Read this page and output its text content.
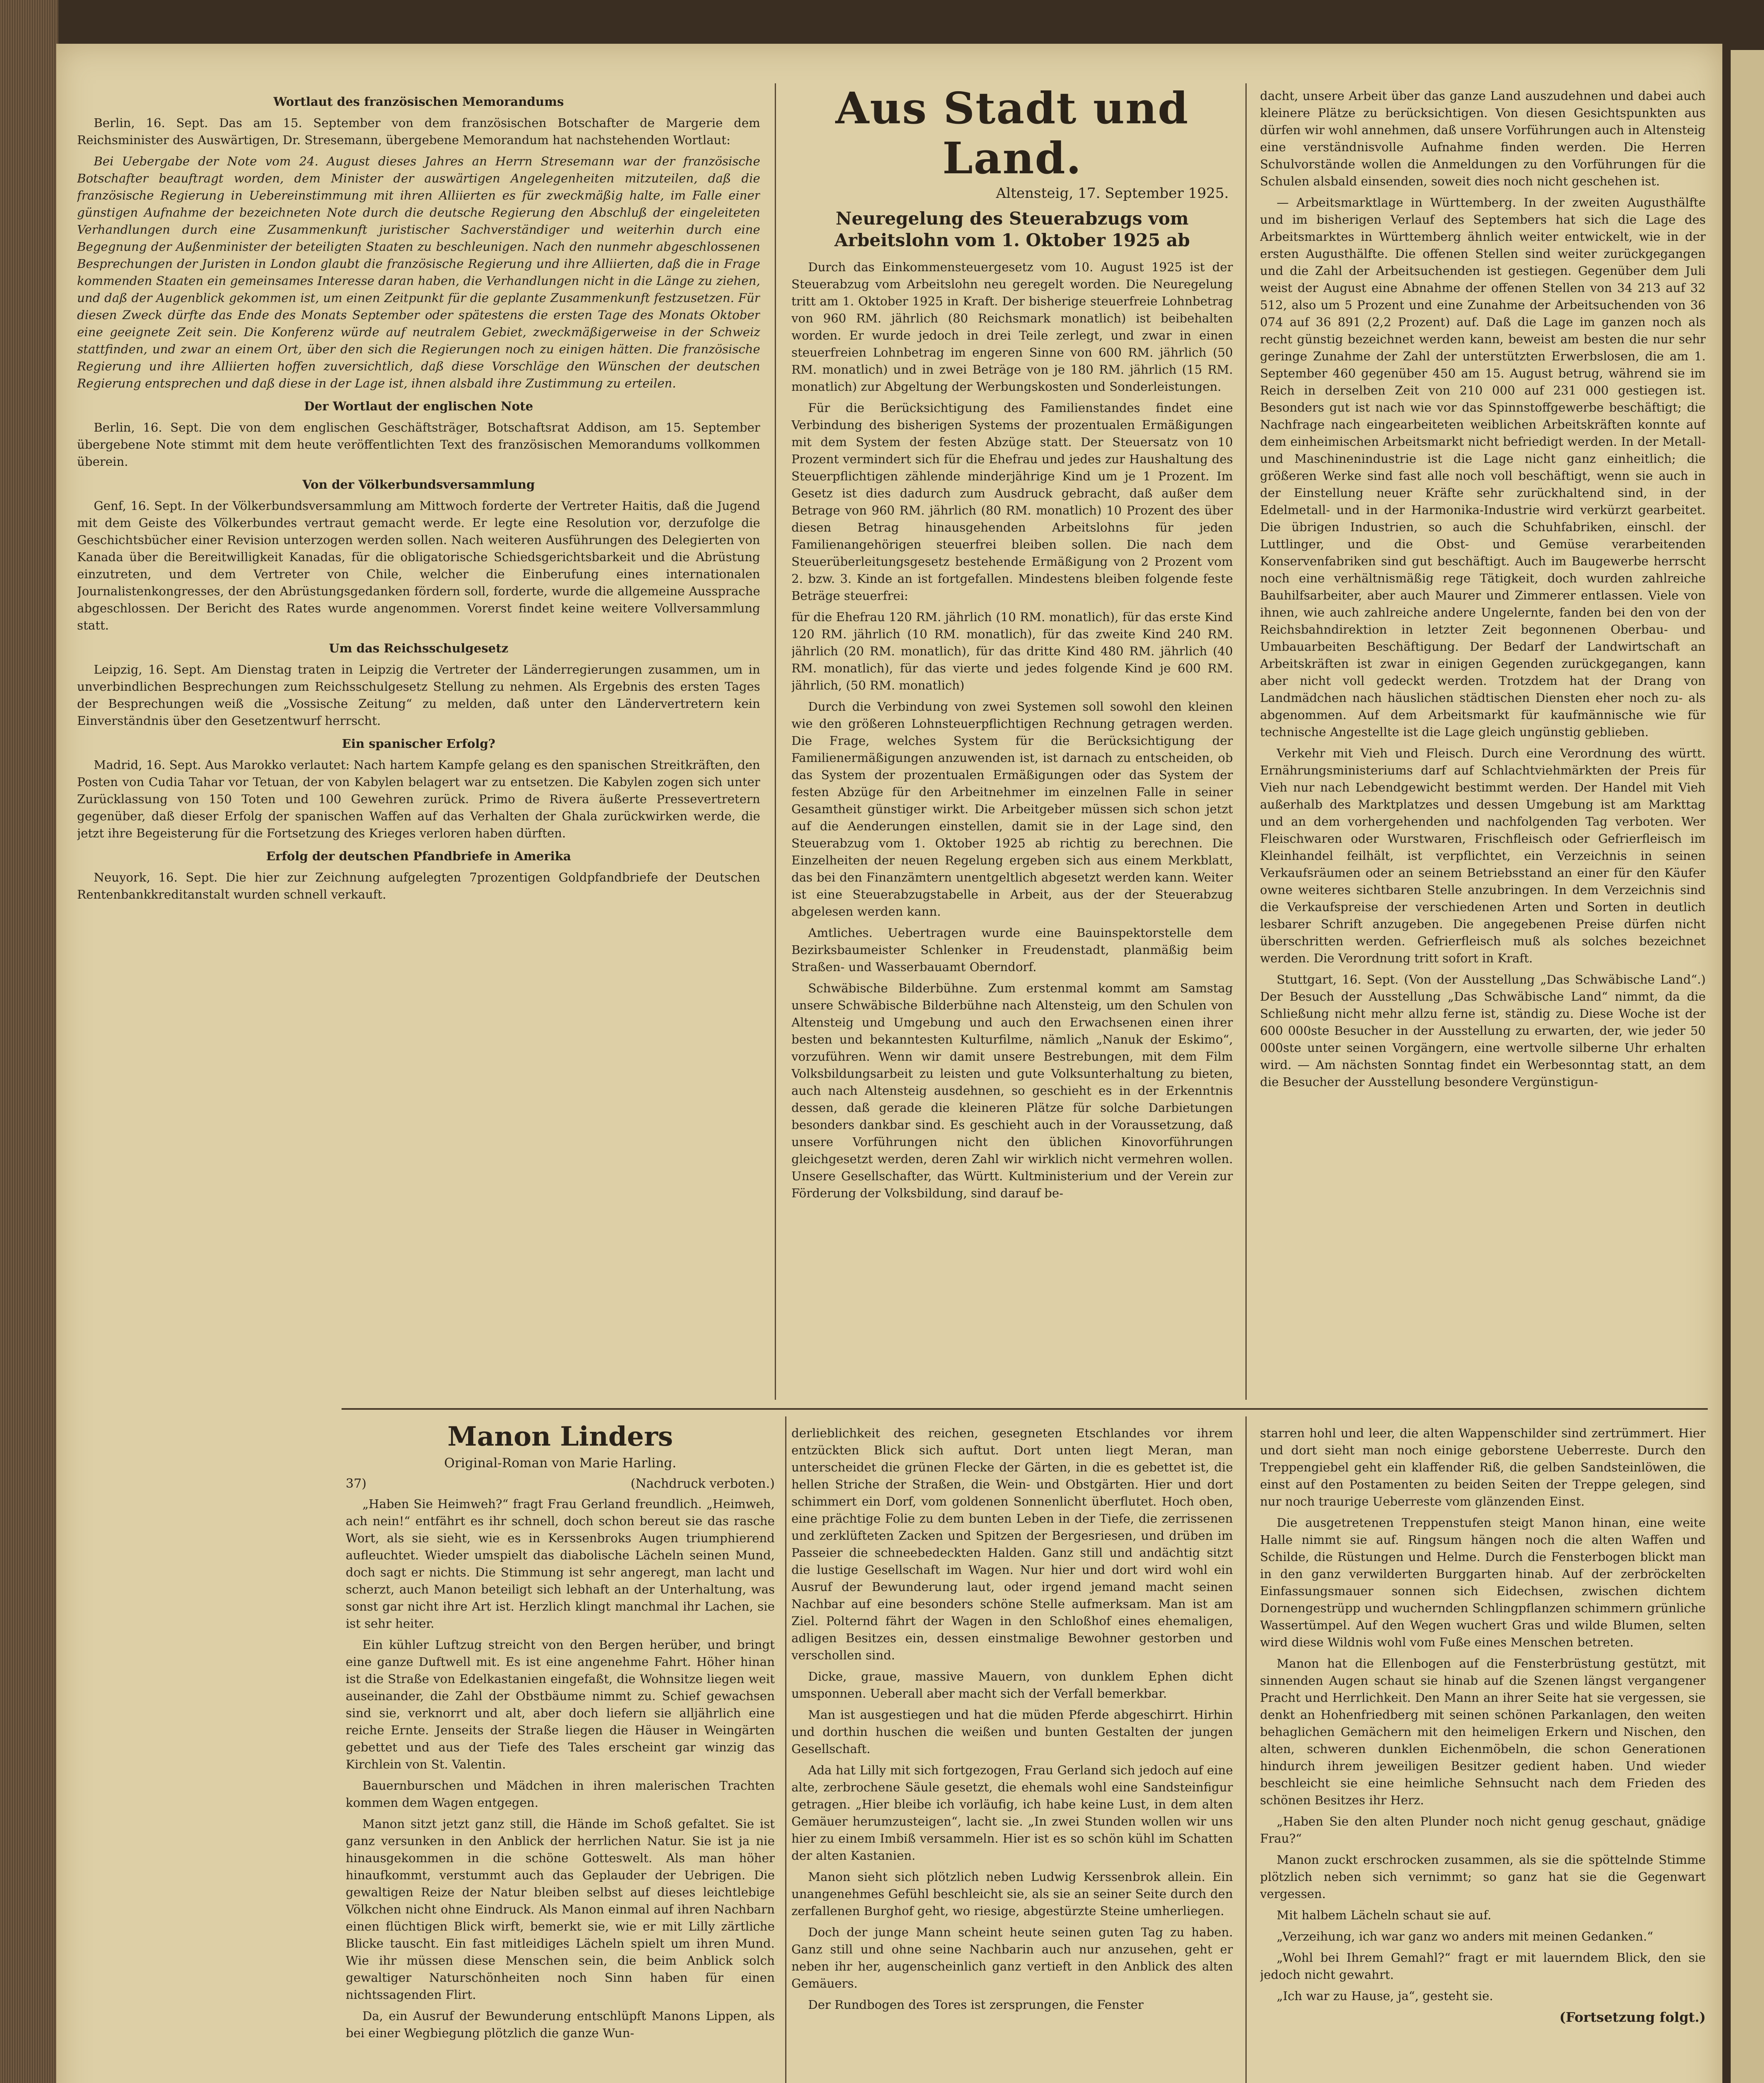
Wortlaut des französischen Memorandums

Berlin, 16. Sept. Das am 15. September von dem französischen Botschafter de Margerie dem Reichsminister des Auswärtigen, Dr. Stresemann, übergebene Memorandum hat nachstehenden Wortlaut:

Bei Uebergabe der Note vom 24. August dieses Jahres an Herrn Stresemann war der französische Botschafter beauftragt worden, dem Minister der auswärtigen Angelegenheiten mitzuteilen, daß die französische Regierung in Uebereinstimmung mit ihren Alliierten es für zweckmäßig halte, im Falle einer günstigen Aufnahme der bezeichneten Note durch die deutsche Regierung den Abschluß der eingeleiteten Verhandlungen durch eine Zusammenkunft juristischer Sachverständiger und weiterhin durch eine Begegnung der Außenminister der beteiligten Staaten zu beschleunigen. Nach den nunmehr abgeschlossenen Besprechungen der Juristen in London glaubt die französische Regierung und ihre Alliierten, daß die in Frage kommenden Staaten ein gemeinsames Interesse daran haben, die Verhandlungen nicht in die Länge zu ziehen, und daß der Augenblick gekommen ist, um einen Zeitpunkt für die geplante Zusammenkunft festzusetzen. Für diesen Zweck dürfte das Ende des Monats September oder spätestens die ersten Tage des Monats Oktober eine geeignete Zeit sein. Die Konferenz würde auf neutralem Gebiet, zweckmäßigerweise in der Schweiz stattfinden, und zwar an einem Ort, über den sich die Regierungen noch zu einigen hätten. Die französische Regierung und ihre Alliierten hoffen zuversichtlich, daß diese Vorschläge den Wünschen der deutschen Regierung entsprechen und daß diese in der Lage ist, ihnen alsbald ihre Zustimmung zu erteilen.

Der Wortlaut der englischen Note

Berlin, 16. Sept. Die von dem englischen Geschäftsträger, Botschaftsrat Addison, am 15. September übergebene Note stimmt mit dem heute veröffentlichten Text des französischen Memorandums vollkommen überein.

Von der Völkerbundsversammlung

Genf, 16. Sept. In der Völkerbundsversammlung am Mittwoch forderte der Vertreter Haitis, daß die Jugend mit dem Geiste des Völkerbundes vertraut gemacht werde. Er legte eine Resolution vor, derzufolge die Geschichtsbücher einer Revision unterzogen werden sollen. Nach weiteren Ausführungen des Delegierten von Kanada über die Bereitwilligkeit Kanadas, für die obligatorische Schiedsgerichtsbarkeit und die Abrüstung einzutreten, und dem Vertreter von Chile, welcher die Einberufung eines internationalen Journalistenkongresses, der den Abrüstungsgedanken fördern soll, forderte, wurde die allgemeine Aussprache abgeschlossen. Der Bericht des Rates wurde angenommen. Vorerst findet keine weitere Vollversammlung statt.

Um das Reichsschulgesetz

Leipzig, 16. Sept. Am Dienstag traten in Leipzig die Vertreter der Länderregierungen zusammen, um in unverbindlichen Besprechungen zum Reichsschulgesetz Stellung zu nehmen. Als Ergebnis des ersten Tages der Besprechungen weiß die „Vossische Zeitung“ zu melden, daß unter den Ländervertretern kein Einverständnis über den Gesetzentwurf herrscht.

Ein spanischer Erfolg?

Madrid, 16. Sept. Aus Marokko verlautet: Nach hartem Kampfe gelang es den spanischen Streitkräften, den Posten von Cudia Tahar vor Tetuan, der von Kabylen belagert war zu entsetzen. Die Kabylen zogen sich unter Zurücklassung von 150 Toten und 100 Gewehren zurück. Primo de Rivera äußerte Pressevertretern gegenüber, daß dieser Erfolg der spanischen Waffen auf das Verhalten der Ghala zurückwirken werde, die jetzt ihre Begeisterung für die Fortsetzung des Krieges verloren haben dürften.

Erfolg der deutschen Pfandbriefe in Amerika

Neuyork, 16. Sept. Die hier zur Zeichnung aufgelegten 7prozentigen Goldpfandbriefe der Deutschen Rentenbankkreditanstalt wurden schnell verkauft.

Aus Stadt und Land.
Altensteig, 17. September 1925.
Neuregelung des Steuerabzugs vom Arbeitslohn vom 1. Oktober 1925 ab

Durch das Einkommensteuergesetz vom 10. August 1925 ist der Steuerabzug vom Arbeitslohn neu geregelt worden. Die Neuregelung tritt am 1. Oktober 1925 in Kraft. Der bisherige steuerfreie Lohnbetrag von 960 RM. jährlich (80 Reichsmark monatlich) ist beibehalten worden. Er wurde jedoch in drei Teile zerlegt, und zwar in einen steuerfreien Lohnbetrag im engeren Sinne von 600 RM. jährlich (50 RM. monatlich) und in zwei Beträge von je 180 RM. jährlich (15 RM. monatlich) zur Abgeltung der Werbungskosten und Sonderleistungen.

Für die Berücksichtigung des Familienstandes findet eine Verbindung des bisherigen Systems der prozentualen Ermäßigungen mit dem System der festen Abzüge statt. Der Steuersatz von 10 Prozent vermindert sich für die Ehefrau und jedes zur Haushaltung des Steuerpflichtigen zählende minderjährige Kind um je 1 Prozent. Im Gesetz ist dies dadurch zum Ausdruck gebracht, daß außer dem Betrage von 960 RM. jährlich (80 RM. monatlich) 10 Prozent des über diesen Betrag hinausgehenden Arbeitslohns für jeden Familienangehörigen steuerfrei bleiben sollen. Die nach dem Steuerüberleitungsgesetz bestehende Ermäßigung von 2 Prozent vom 2. bzw. 3. Kinde an ist fortgefallen. Mindestens bleiben folgende feste Beträge steuerfrei:

für die Ehefrau 120 RM. jährlich (10 RM. monatlich), für das erste Kind 120 RM. jährlich (10 RM. monatlich), für das zweite Kind 240 RM. jährlich (20 RM. monatlich), für das dritte Kind 480 RM. jährlich (40 RM. monatlich), für das vierte und jedes folgende Kind je 600 RM. jährlich, (50 RM. monatlich)

Durch die Verbindung von zwei Systemen soll sowohl den kleinen wie den größeren Lohnsteuerpflichtigen Rechnung getragen werden. Die Frage, welches System für die Berücksichtigung der Familienermäßigungen anzuwenden ist, ist darnach zu entscheiden, ob das System der prozentualen Ermäßigungen oder das System der festen Abzüge für den Arbeitnehmer im einzelnen Falle in seiner Gesamtheit günstiger wirkt. Die Arbeitgeber müssen sich schon jetzt auf die Aenderungen einstellen, damit sie in der Lage sind, den Steuerabzug vom 1. Oktober 1925 ab richtig zu berechnen. Die Einzelheiten der neuen Regelung ergeben sich aus einem Merkblatt, das bei den Finanzämtern unentgeltlich abgesetzt werden kann. Weiter ist eine Steuerabzugstabelle in Arbeit, aus der der Steuerabzug abgelesen werden kann.

Amtliches. Uebertragen wurde eine Bauinspektorstelle dem Bezirksbaumeister Schlenker in Freudenstadt, planmäßig beim Straßen- und Wasserbauamt Oberndorf.

Schwäbische Bilderbühne. Zum erstenmal kommt am Samstag unsere Schwäbische Bilderbühne nach Altensteig, um den Schulen von Altensteig und Umgebung und auch den Erwachsenen einen ihrer besten und bekanntesten Kulturfilme, nämlich „Nanuk der Eskimo“, vorzuführen. Wenn wir damit unsere Bestrebungen, mit dem Film Volksbildungsarbeit zu leisten und gute Volksunterhaltung zu bieten, auch nach Altensteig ausdehnen, so geschieht es in der Erkenntnis dessen, daß gerade die kleineren Plätze für solche Darbietungen besonders dankbar sind. Es geschieht auch in der Voraussetzung, daß unsere Vorführungen nicht den üblichen Kinovorführungen gleichgesetzt werden, deren Zahl wir wirklich nicht vermehren wollen. Unsere Gesellschafter, das Württ. Kultministerium und der Verein zur Förderung der Volksbildung, sind darauf be-

dacht, unsere Arbeit über das ganze Land auszudehnen und dabei auch kleinere Plätze zu berücksichtigen. Von diesen Gesichtspunkten aus dürfen wir wohl annehmen, daß unsere Vorführungen auch in Altensteig eine verständnisvolle Aufnahme finden werden. Die Herren Schulvorstände wollen die Anmeldungen zu den Vorführungen für die Schulen alsbald einsenden, soweit dies noch nicht geschehen ist.

— Arbeitsmarktlage in Württemberg. In der zweiten Augusthälfte und im bisherigen Verlauf des Septembers hat sich die Lage des Arbeitsmarktes in Württemberg ähnlich weiter entwickelt, wie in der ersten Augusthälfte. Die offenen Stellen sind weiter zurückgegangen und die Zahl der Arbeitsuchenden ist gestiegen. Gegenüber dem Juli weist der August eine Abnahme der offenen Stellen von 34 213 auf 32 512, also um 5 Prozent und eine Zunahme der Arbeitsuchenden von 36 074 auf 36 891 (2,2 Prozent) auf. Daß die Lage im ganzen noch als recht günstig bezeichnet werden kann, beweist am besten die nur sehr geringe Zunahme der Zahl der unterstützten Erwerbslosen, die am 1. September 460 gegenüber 450 am 15. August betrug, während sie im Reich in derselben Zeit von 210 000 auf 231 000 gestiegen ist. Besonders gut ist nach wie vor das Spinnstoffgewerbe beschäftigt; die Nachfrage nach eingearbeiteten weiblichen Arbeitskräften konnte auf dem einheimischen Arbeitsmarkt nicht befriedigt werden. In der Metall- und Maschinenindustrie ist die Lage nicht ganz einheitlich; die größeren Werke sind fast alle noch voll beschäftigt, wenn sie auch in der Einstellung neuer Kräfte sehr zurückhaltend sind, in der Edelmetall- und in der Harmonika-Industrie wird verkürzt gearbeitet. Die übrigen Industrien, so auch die Schuhfabriken, einschl. der Luttlinger, und die Obst- und Gemüse verarbeitenden Konservenfabriken sind gut beschäftigt. Auch im Baugewerbe herrscht noch eine verhältnismäßig rege Tätigkeit, doch wurden zahlreiche Bauhilfsarbeiter, aber auch Maurer und Zimmerer entlassen. Viele von ihnen, wie auch zahlreiche andere Ungelernte, fanden bei den von der Reichsbahndirektion in letzter Zeit begonnenen Oberbau- und Umbauarbeiten Beschäftigung. Der Bedarf der Landwirtschaft an Arbeitskräften ist zwar in einigen Gegenden zurückgegangen, kann aber nicht voll gedeckt werden. Trotzdem hat der Drang von Landmädchen nach häuslichen städtischen Diensten eher noch zu- als abgenommen. Auf dem Arbeitsmarkt für kaufmännische wie für technische Angestellte ist die Lage gleich ungünstig geblieben.

Verkehr mit Vieh und Fleisch. Durch eine Verordnung des württ. Ernährungsministeriums darf auf Schlachtviehmärkten der Preis für Vieh nur nach Lebendgewicht bestimmt werden. Der Handel mit Vieh außerhalb des Marktplatzes und dessen Umgebung ist am Markttag und an dem vorhergehenden und nachfolgenden Tag verboten. Wer Fleischwaren oder Wurstwaren, Frischfleisch oder Gefrierfleisch im Kleinhandel feilhält, ist verpflichtet, ein Verzeichnis in seinen Verkaufsräumen oder an seinem Betriebsstand an einer für den Käufer owne weiteres sichtbaren Stelle anzubringen. In dem Verzeichnis sind die Verkaufspreise der verschiedenen Arten und Sorten in deutlich lesbarer Schrift anzugeben. Die angegebenen Preise dürfen nicht überschritten werden. Gefrierfleisch muß als solches bezeichnet werden. Die Verordnung tritt sofort in Kraft.

Stuttgart, 16. Sept. (Von der Ausstellung „Das Schwäbische Land“.) Der Besuch der Ausstellung „Das Schwäbische Land“ nimmt, da die Schließung nicht mehr allzu ferne ist, ständig zu. Diese Woche ist der 600 000ste Besucher in der Ausstellung zu erwarten, der, wie jeder 50 000ste unter seinen Vorgängern, eine wertvolle silberne Uhr erhalten wird. — Am nächsten Sonntag findet ein Werbesonntag statt, an dem die Besucher der Ausstellung besondere Vergünstigun-

Manon Linders
Original-Roman von Marie Harling.
37)	(Nachdruck verboten.)

„Haben Sie Heimweh?“ fragt Frau Gerland freundlich. „Heimweh, ach nein!“ entfährt es ihr schnell, doch schon bereut sie das rasche Wort, als sie sieht, wie es in Kerssenbroks Augen triumphierend aufleuchtet. Wieder umspielt das diabolische Lächeln seinen Mund, doch sagt er nichts. Die Stimmung ist sehr angeregt, man lacht und scherzt, auch Manon beteiligt sich lebhaft an der Unterhaltung, was sonst gar nicht ihre Art ist. Herzlich klingt manchmal ihr Lachen, sie ist sehr heiter.

Ein kühler Luftzug streicht von den Bergen herüber, und bringt eine ganze Duftwell mit. Es ist eine angenehme Fahrt. Höher hinan ist die Straße von Edelkastanien eingefaßt, die Wohnsitze liegen weit auseinander, die Zahl der Obstbäume nimmt zu. Schief gewachsen sind sie, verknorrt und alt, aber doch liefern sie alljährlich eine reiche Ernte. Jenseits der Straße liegen die Häuser in Weingärten gebettet und aus der Tiefe des Tales erscheint gar winzig das Kirchlein von St. Valentin.

Bauernburschen und Mädchen in ihren malerischen Trachten kommen dem Wagen entgegen.

Manon sitzt jetzt ganz still, die Hände im Schoß gefaltet. Sie ist ganz versunken in den Anblick der herrlichen Natur. Sie ist ja nie hinausgekommen in die schöne Gotteswelt. Als man höher hinaufkommt, verstummt auch das Geplauder der Uebrigen. Die gewaltigen Reize der Natur bleiben selbst auf dieses leichtlebige Völkchen nicht ohne Eindruck. Als Manon einmal auf ihren Nachbarn einen flüchtigen Blick wirft, bemerkt sie, wie er mit Lilly zärtliche Blicke tauscht. Ein fast mitleidiges Lächeln spielt um ihren Mund. Wie ihr müssen diese Menschen sein, die beim Anblick solch gewaltiger Naturschönheiten noch Sinn haben für einen nichtssagenden Flirt.

Da, ein Ausruf der Bewunderung entschlüpft Manons Lippen, als bei einer Wegbiegung plötzlich die ganze Wun-

derlieblichkeit des reichen, gesegneten Etschlandes vor ihrem entzückten Blick sich auftut. Dort unten liegt Meran, man unterscheidet die grünen Flecke der Gärten, in die es gebettet ist, die hellen Striche der Straßen, die Wein- und Obstgärten. Hier und dort schimmert ein Dorf, vom goldenen Sonnenlicht überflutet. Hoch oben, eine prächtige Folie zu dem bunten Leben in der Tiefe, die zerrissenen und zerklüfteten Zacken und Spitzen der Bergesriesen, und drüben im Passeier die schneebedeckten Halden. Ganz still und andächtig sitzt die lustige Gesellschaft im Wagen. Nur hier und dort wird wohl ein Ausruf der Bewunderung laut, oder irgend jemand macht seinen Nachbar auf eine besonders schöne Stelle aufmerksam. Man ist am Ziel. Polternd fährt der Wagen in den Schloßhof eines ehemaligen, adligen Besitzes ein, dessen einstmalige Bewohner gestorben und verschollen sind.

Dicke, graue, massive Mauern, von dunklem Ephen dicht umsponnen. Ueberall aber macht sich der Verfall bemerkbar.

Man ist ausgestiegen und hat die müden Pferde abgeschirrt. Hirhin und dorthin huschen die weißen und bunten Gestalten der jungen Gesellschaft.

Ada hat Lilly mit sich fortgezogen, Frau Gerland sich jedoch auf eine alte, zerbrochene Säule gesetzt, die ehemals wohl eine Sandsteinfigur getragen. „Hier bleibe ich vorläufig, ich habe keine Lust, in dem alten Gemäuer herumzusteigen“, lacht sie. „In zwei Stunden wollen wir uns hier zu einem Imbiß versammeln. Hier ist es so schön kühl im Schatten der alten Kastanien.

Manon sieht sich plötzlich neben Ludwig Kerssenbrok allein. Ein unangenehmes Gefühl beschleicht sie, als sie an seiner Seite durch den zerfallenen Burghof geht, wo riesige, abgestürzte Steine umherliegen.

Doch der junge Mann scheint heute seinen guten Tag zu haben. Ganz still und ohne seine Nachbarin auch nur anzusehen, geht er neben ihr her, augenscheinlich ganz vertieft in den Anblick des alten Gemäuers.

Der Rundbogen des Tores ist zersprungen, die Fenster

starren hohl und leer, die alten Wappenschilder sind zertrümmert. Hier und dort sieht man noch einige geborstene Ueberreste. Durch den Treppengiebel geht ein klaffender Riß, die gelben Sandsteinlöwen, die einst auf den Postamenten zu beiden Seiten der Treppe gelegen, sind nur noch traurige Ueberreste vom glänzenden Einst.

Die ausgetretenen Treppenstufen steigt Manon hinan, eine weite Halle nimmt sie auf. Ringsum hängen noch die alten Waffen und Schilde, die Rüstungen und Helme. Durch die Fensterbogen blickt man in den ganz verwilderten Burggarten hinab. Auf der zerbröckelten Einfassungsmauer sonnen sich Eidechsen, zwischen dichtem Dornengestrüpp und wuchernden Schlingpflanzen schimmern grünliche Wassertümpel. Auf den Wegen wuchert Gras und wilde Blumen, selten wird diese Wildnis wohl vom Fuße eines Menschen betreten.

Manon hat die Ellenbogen auf die Fensterbrüstung gestützt, mit sinnenden Augen schaut sie hinab auf die Szenen längst vergangener Pracht und Herrlichkeit. Den Mann an ihrer Seite hat sie vergessen, sie denkt an Hohenfriedberg mit seinen schönen Parkanlagen, den weiten behaglichen Gemächern mit den heimeligen Erkern und Nischen, den alten, schweren dunklen Eichenmöbeln, die schon Generationen hindurch ihrem jeweiligen Besitzer gedient haben. Und wieder beschleicht sie eine heimliche Sehnsucht nach dem Frieden des schönen Besitzes ihr Herz.

„Haben Sie den alten Plunder noch nicht genug geschaut, gnädige Frau?“

Manon zuckt erschrocken zusammen, als sie die spöttelnde Stimme plötzlich neben sich vernimmt; so ganz hat sie die Gegenwart vergessen.

Mit halbem Lächeln schaut sie auf.

„Verzeihung, ich war ganz wo anders mit meinen Gedanken.“

„Wohl bei Ihrem Gemahl?“ fragt er mit lauerndem Blick, den sie jedoch nicht gewahrt.

„Ich war zu Hause, ja“, gesteht sie.

(Fortsetzung folgt.)
